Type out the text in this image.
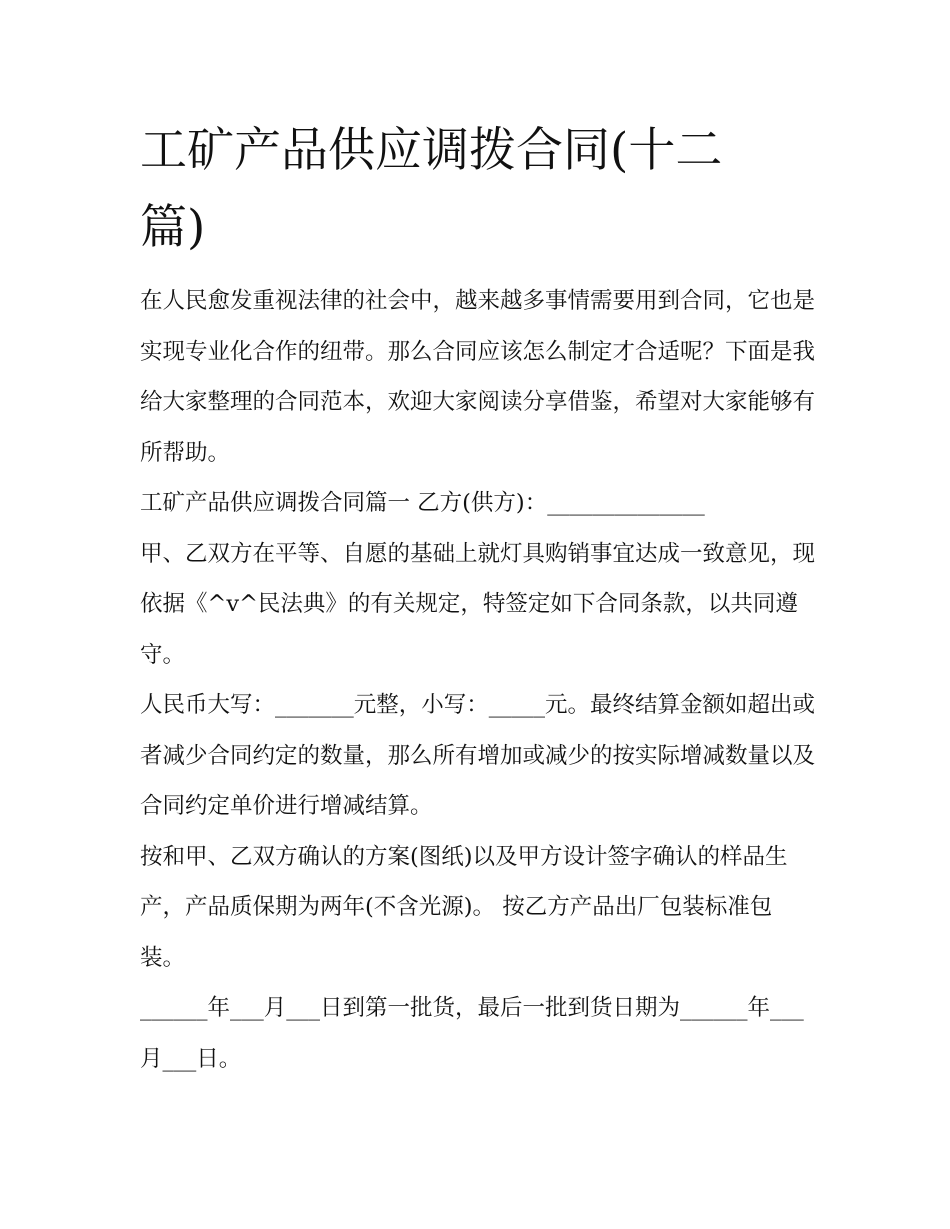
工矿产品供应调拨合同(十二篇)

在人民愈发重视法律的社会中，越来越多事情需要用到合同，它也是实现专业化合作的纽带。那么合同应该怎么制定才合适呢？下面是我给大家整理的合同范本，欢迎大家阅读分享借鉴，希望对大家能够有所帮助。

工矿产品供应调拨合同篇一 乙方(供方)：______________

甲、乙双方在平等、自愿的基础上就灯具购销事宜达成一致意见，现依据《^v^民法典》的有关规定，特签定如下合同条款，以共同遵守。

人民币大写：_______元整，小写：_____元。最终结算金额如超出或者减少合同约定的数量，那么所有增加或减少的按实际增减数量以及合同约定单价进行增减结算。

按和甲、乙双方确认的方案(图纸)以及甲方设计签字确认的样品生产，产品质保期为两年(不含光源)。 按乙方产品出厂包装标准包装。

______年___月___日到第一批货，最后一批到货日期为______年___月___日。
